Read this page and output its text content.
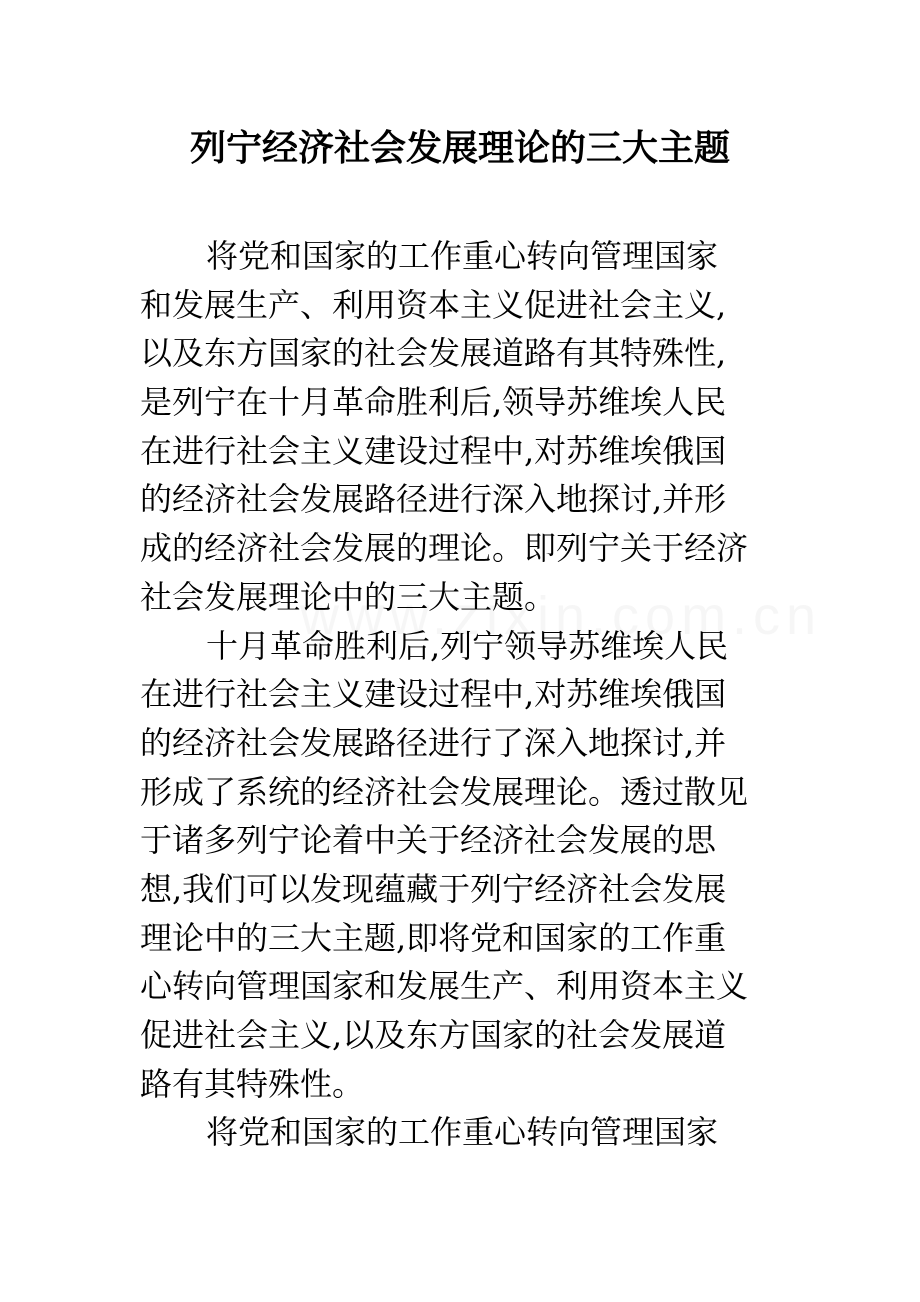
列宁经济社会发展理论的三大主题
将党和国家的工作重心转向管理国家
和发展生产、利用资本主义促进社会主义,
以及东方国家的社会发展道路有其特殊性,
是列宁在十月革命胜利后,领导苏维埃人民
在进行社会主义建设过程中,对苏维埃俄国
的经济社会发展路径进行深入地探讨,并形
成的经济社会发展的理论。即列宁关于经济
社会发展理论中的三大主题。
十月革命胜利后,列宁领导苏维埃人民
在进行社会主义建设过程中,对苏维埃俄国
的经济社会发展路径进行了深入地探讨,并
形成了系统的经济社会发展理论。透过散见
于诸多列宁论着中关于经济社会发展的思
想,我们可以发现蕴藏于列宁经济社会发展
理论中的三大主题,即将党和国家的工作重
心转向管理国家和发展生产、利用资本主义
促进社会主义,以及东方国家的社会发展道
路有其特殊性。
将党和国家的工作重心转向管理国家
